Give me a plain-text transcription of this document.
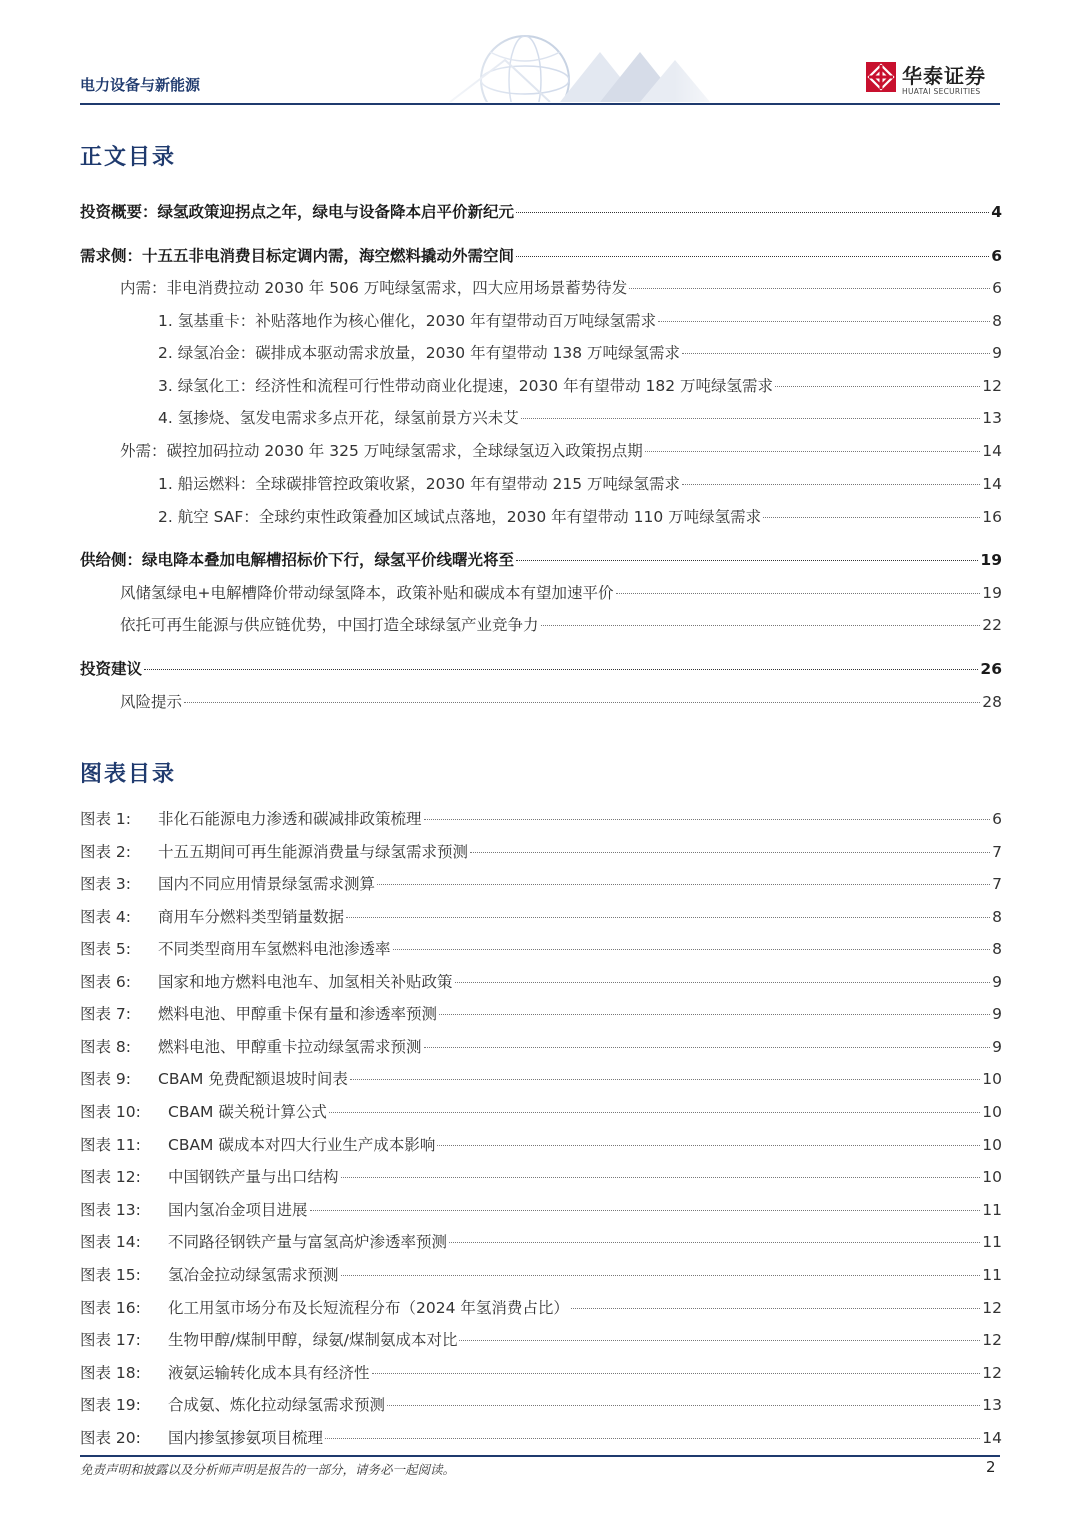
电力设备与新能源	华泰证券
HUATAI SECURITIES
正文目录
投资概要：绿氢政策迎拐点之年，绿电与设备降本启平价新纪元	4
需求侧：十五五非电消费目标定调内需，海空燃料撬动外需空间	6
内需：非电消费拉动 2030 年 506 万吨绿氢需求，四大应用场景蓄势待发	6
1. 氢基重卡：补贴落地作为核心催化，2030 年有望带动百万吨绿氢需求	8
2. 绿氢冶金：碳排成本驱动需求放量，2030 年有望带动 138 万吨绿氢需求	9
3. 绿氢化工：经济性和流程可行性带动商业化提速，2030 年有望带动 182 万吨绿氢需求	12
4. 氢掺烧、氢发电需求多点开花，绿氢前景方兴未艾	13
外需：碳控加码拉动 2030 年 325 万吨绿氢需求，全球绿氢迈入政策拐点期	14
1. 船运燃料：全球碳排管控政策收紧，2030 年有望带动 215 万吨绿氢需求	14
2. 航空 SAF：全球约束性政策叠加区域试点落地，2030 年有望带动 110 万吨绿氢需求	16
供给侧：绿电降本叠加电解槽招标价下行，绿氢平价线曙光将至	19
风储氢绿电+电解槽降价带动绿氢降本，政策补贴和碳成本有望加速平价	19
依托可再生能源与供应链优势，中国打造全球绿氢产业竞争力	22
投资建议	26
风险提示	28
图表目录
图表 1: 非化石能源电力渗透和碳减排政策梳理	6
图表 2: 十五五期间可再生能源消费量与绿氢需求预测	7
图表 3: 国内不同应用情景绿氢需求测算	7
图表 4: 商用车分燃料类型销量数据	8
图表 5: 不同类型商用车氢燃料电池渗透率	8
图表 6: 国家和地方燃料电池车、加氢相关补贴政策	9
图表 7: 燃料电池、甲醇重卡保有量和渗透率预测	9
图表 8: 燃料电池、甲醇重卡拉动绿氢需求预测	9
图表 9: CBAM 免费配额退坡时间表	10
图表 10: CBAM 碳关税计算公式	10
图表 11: CBAM 碳成本对四大行业生产成本影响	10
图表 12: 中国钢铁产量与出口结构	10
图表 13: 国内氢冶金项目进展	11
图表 14: 不同路径钢铁产量与富氢高炉渗透率预测	11
图表 15: 氢冶金拉动绿氢需求预测	11
图表 16: 化工用氢市场分布及长短流程分布（2024 年氢消费占比）	12
图表 17: 生物甲醇/煤制甲醇，绿氨/煤制氨成本对比	12
图表 18: 液氨运输转化成本具有经济性	12
图表 19: 合成氨、炼化拉动绿氢需求预测	13
图表 20: 国内掺氢掺氨项目梳理	14
免责声明和披露以及分析师声明是报告的一部分，请务必一起阅读。	2
